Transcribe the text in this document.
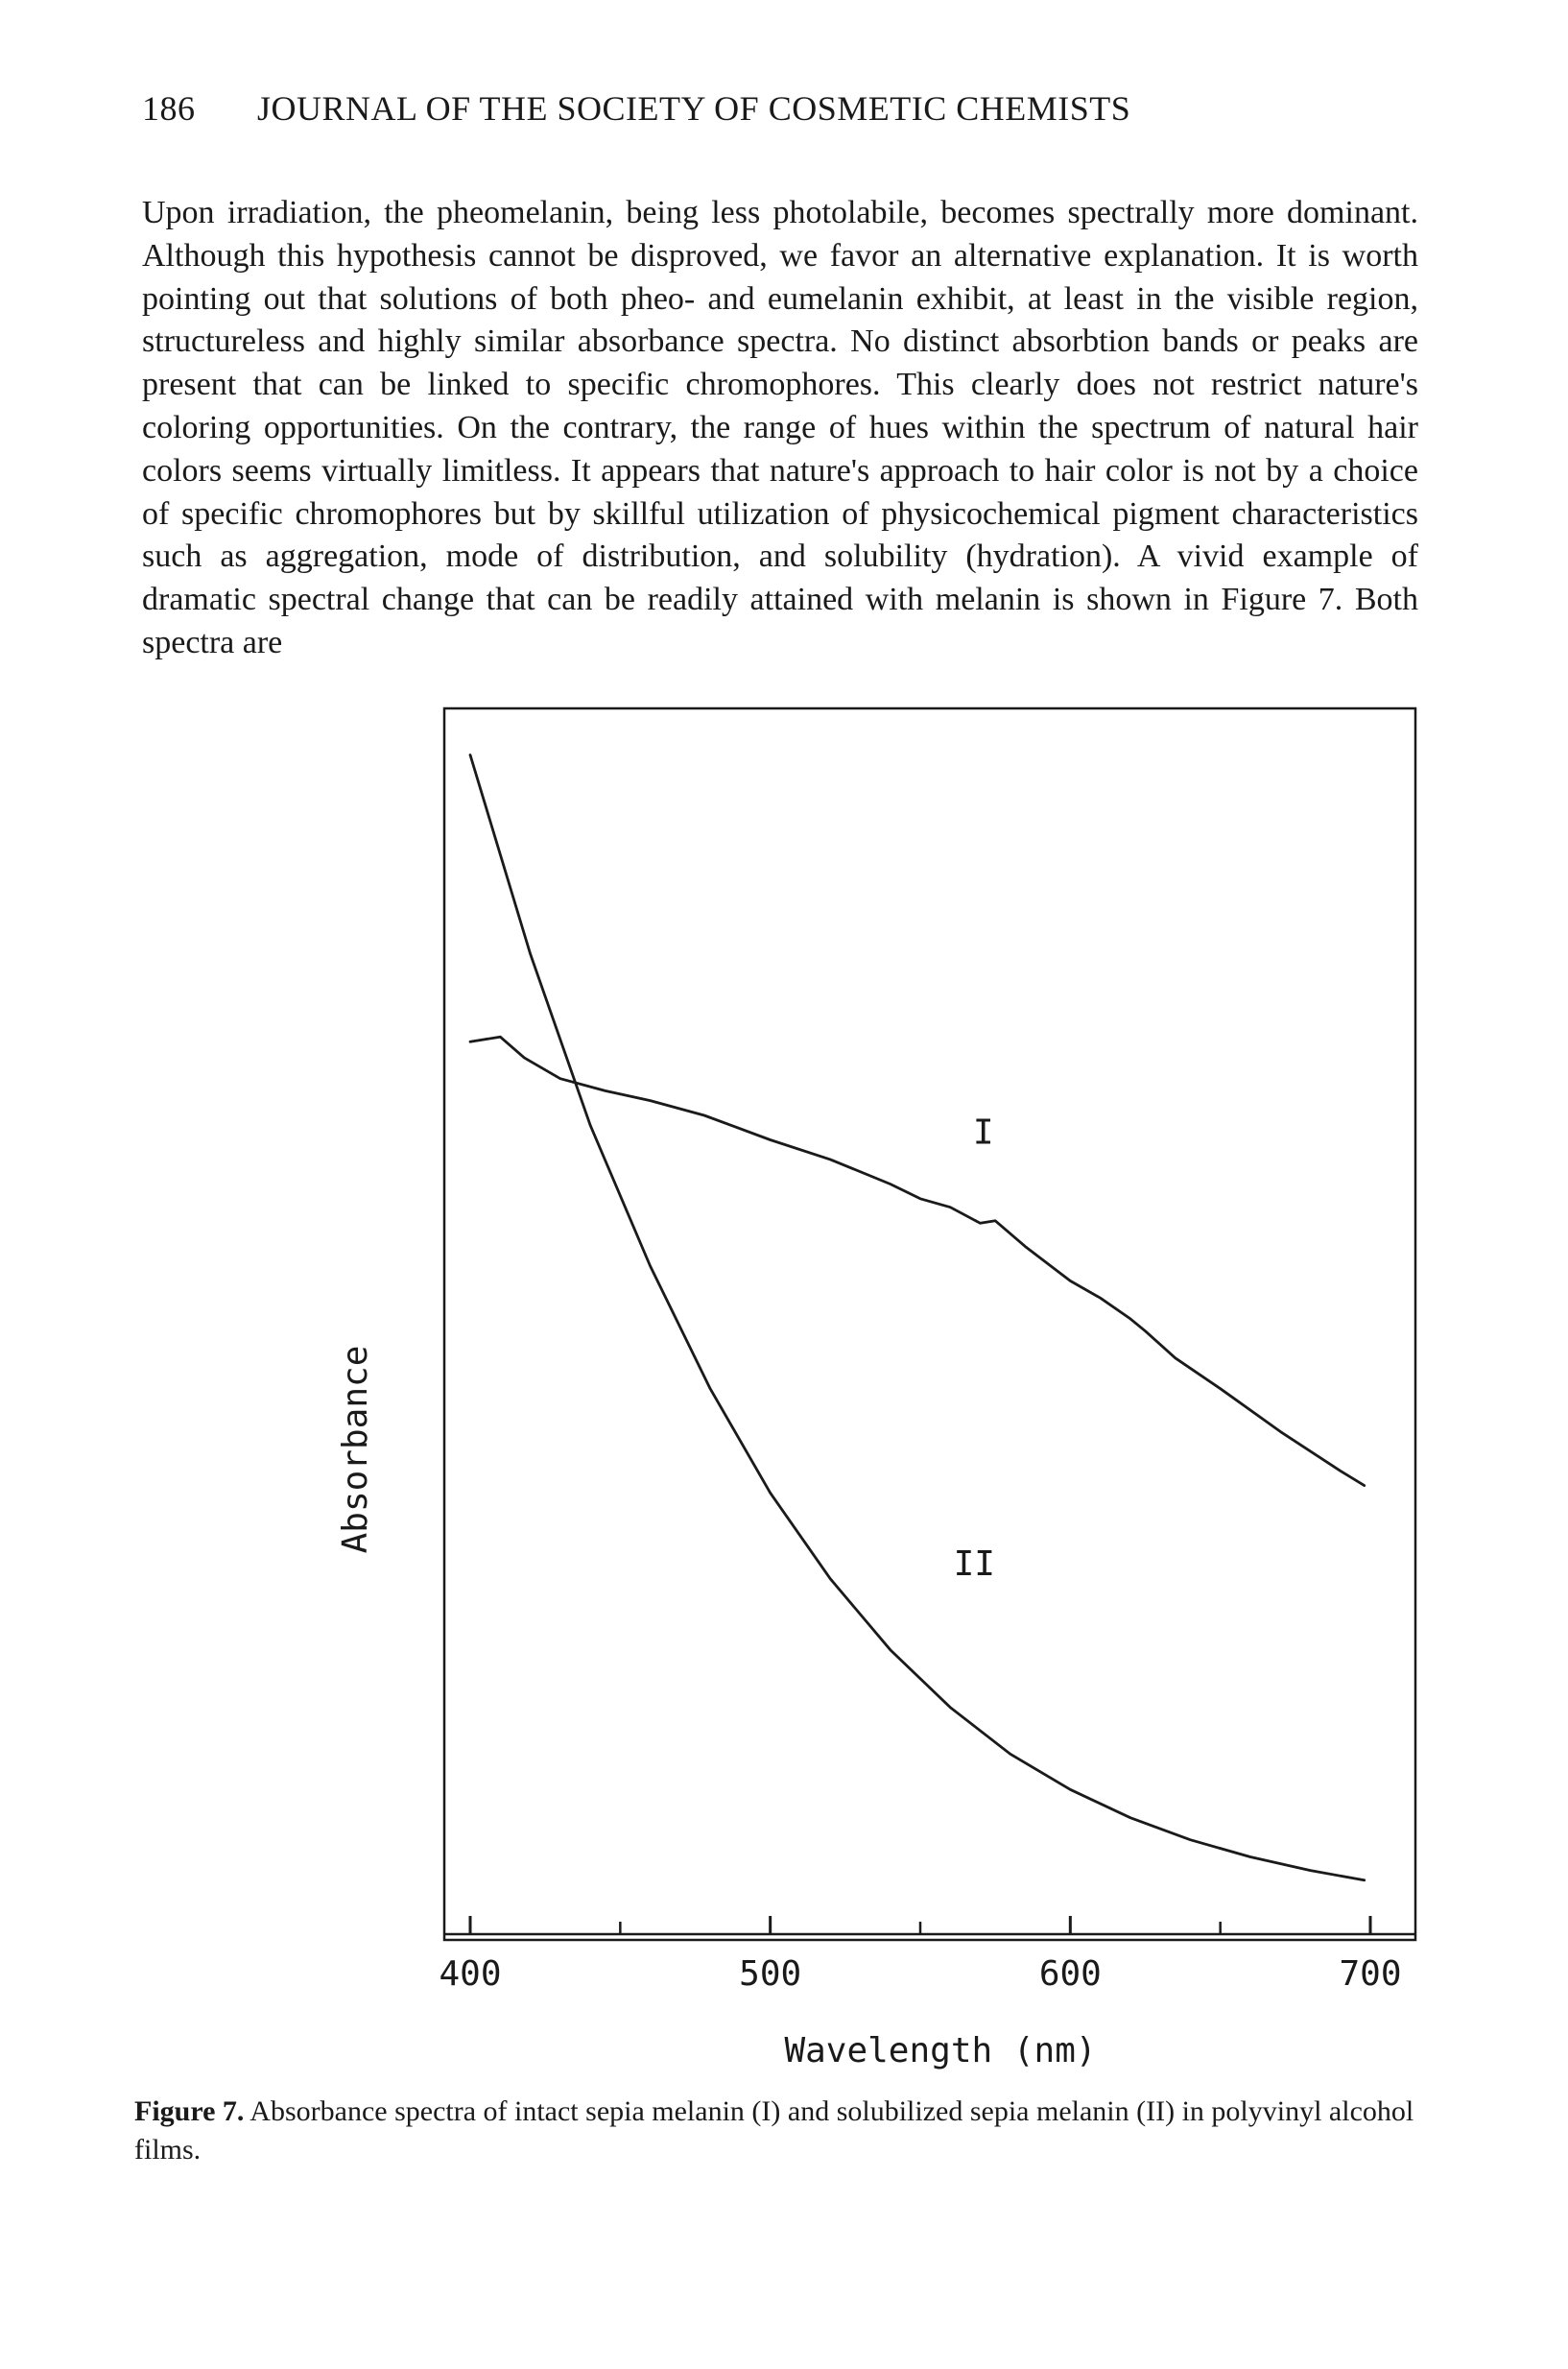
186 JOURNAL OF THE SOCIETY OF COSMETIC CHEMISTS

Upon irradiation, the pheomelanin, being less photolabile, becomes spectrally more dominant. Although this hypothesis cannot be disproved, we favor an alternative explanation. It is worth pointing out that solutions of both pheo- and eumelanin exhibit, at least in the visible region, structureless and highly similar absorbance spectra. No distinct absorbtion bands or peaks are present that can be linked to specific chromophores. This clearly does not restrict nature's coloring opportunities. On the contrary, the range of hues within the spectrum of natural hair colors seems virtually limitless. It appears that nature's approach to hair color is not by a choice of specific chromophores but by skillful utilization of physicochemical pigment characteristics such as aggregation, mode of distribution, and solubility (hydration). A vivid example of dramatic spectral change that can be readily attained with melanin is shown in Figure 7. Both spectra are

400	500	600	700
I
II
Wavelength (nm)
Absorbance
Figure 7. Absorbance spectra of intact sepia melanin (I) and solubilized sepia melanin (II) in polyvinyl alcohol films.
